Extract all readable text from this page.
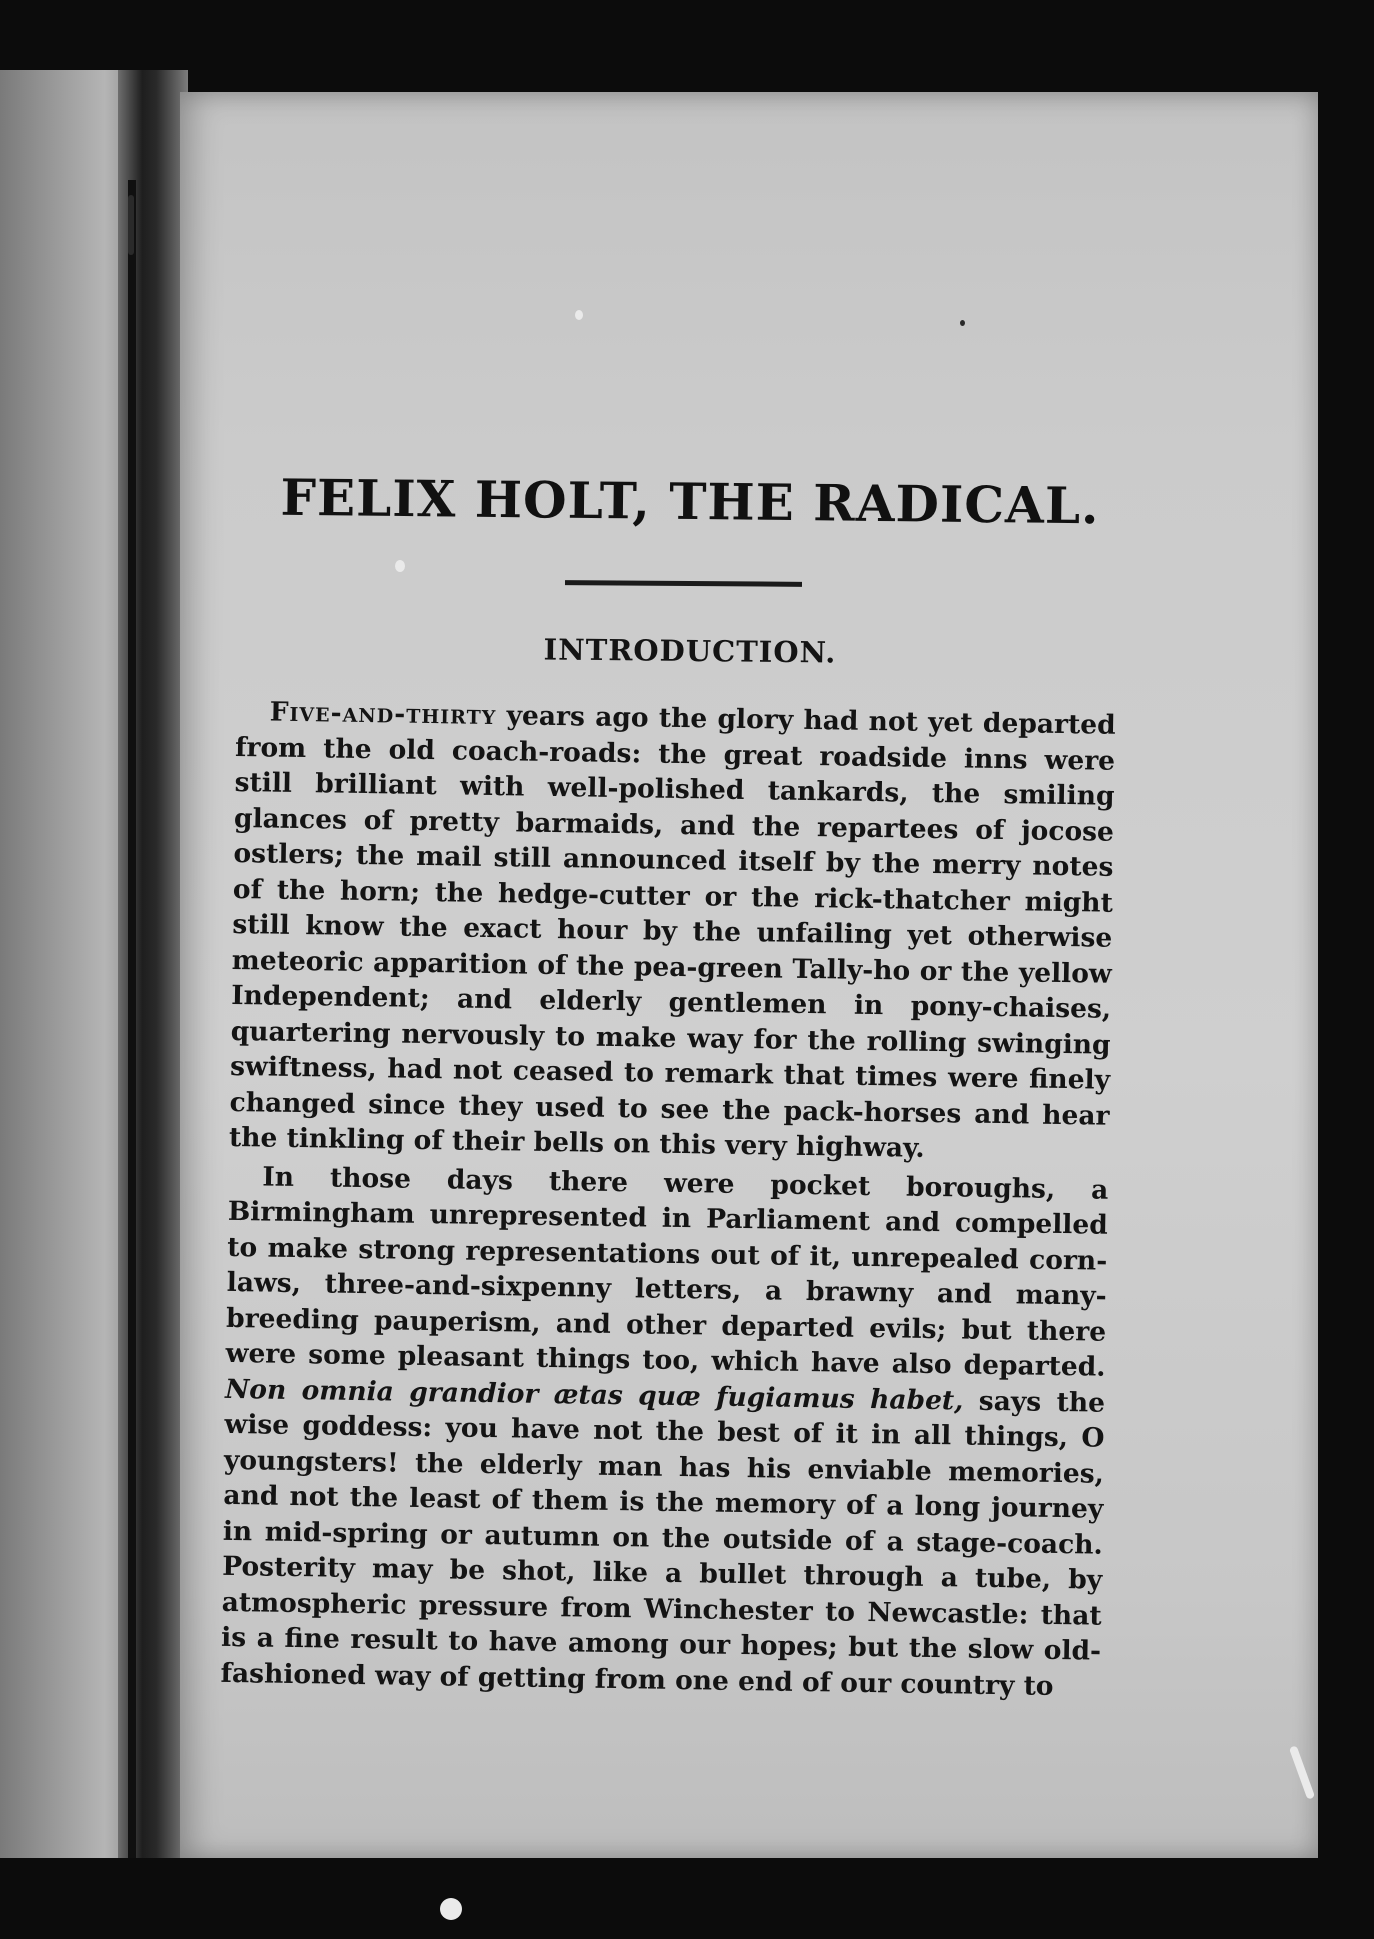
FELIX HOLT, THE RADICAL.
INTRODUCTION.

Five-and-thirty years ago the glory had not yet departed from the old coach-roads: the great roadside inns were still brilliant with well-polished tankards, the smiling glances of pretty barmaids, and the repartees of jocose ostlers; the mail still announced itself by the merry notes of the horn; the hedge-cutter or the rick-thatcher might still know the exact hour by the unfailing yet otherwise meteoric apparition of the pea-green Tally-ho or the yellow Independent; and elderly gentlemen in pony-chaises, quartering nervously to make way for the rolling swinging swiftness, had not ceased to remark that times were finely changed since they used to see the pack-horses and hear the tinkling of their bells on this very highway.

In those days there were pocket boroughs, a Birmingham unrepresented in Parliament and compelled to make strong representations out of it, unrepealed corn-laws, three-and-sixpenny letters, a brawny and many-breeding pauperism, and other departed evils; but there were some pleasant things too, which have also departed. Non omnia grandior ætas quæ fugiamus habet, says the wise goddess: you have not the best of it in all things, O youngsters! the elderly man has his enviable memories, and not the least of them is the memory of a long journey in mid-spring or autumn on the outside of a stage-coach. Posterity may be shot, like a bullet through a tube, by atmospheric pressure from Winchester to Newcastle: that is a fine result to have among our hopes; but the slow old-fashioned way of getting from one end of our country to
